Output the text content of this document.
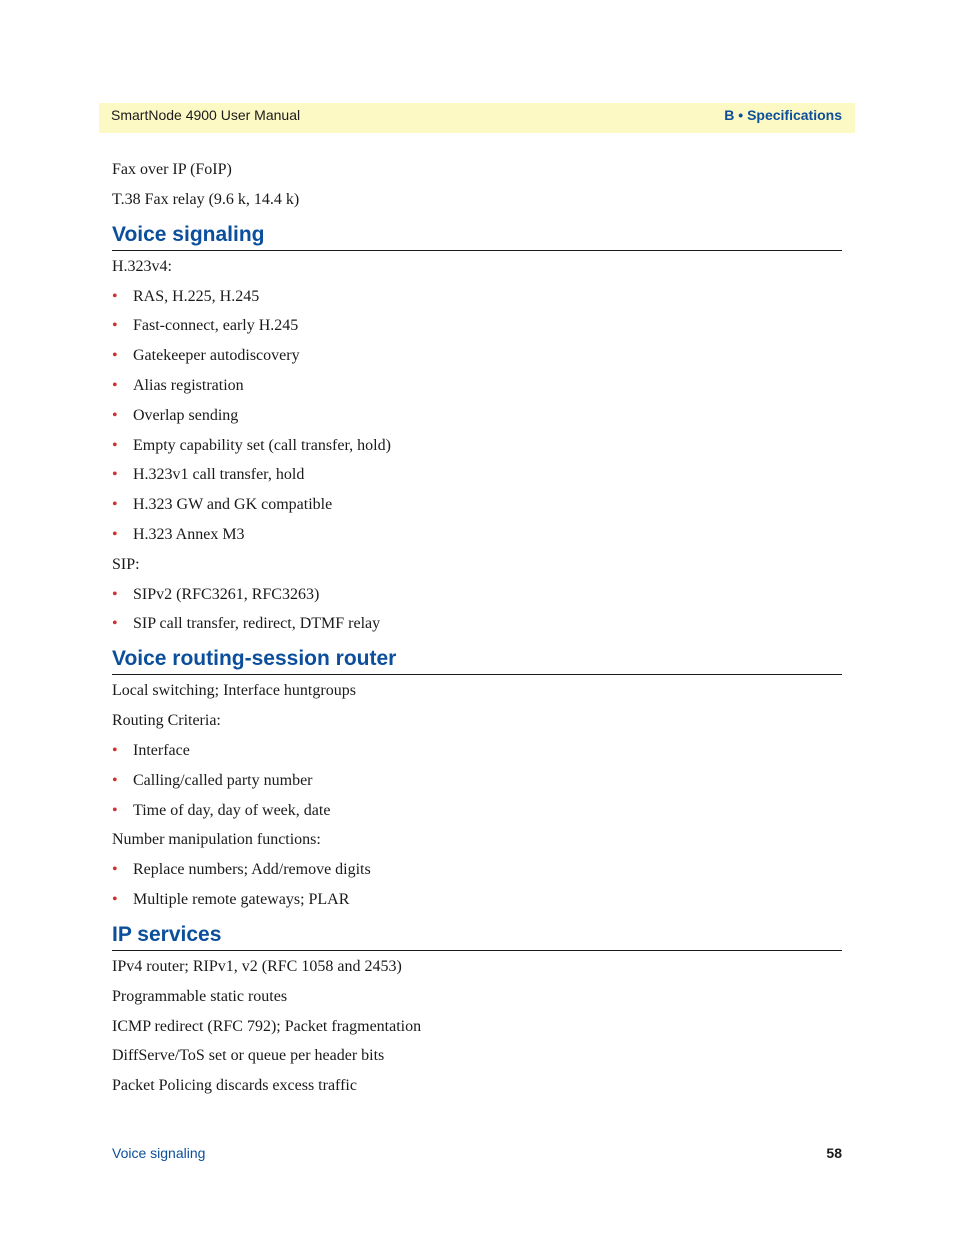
SmartNode 4900 User Manual	B • Specifications
Fax over IP (FoIP)
T.38 Fax relay (9.6 k, 14.4 k)
Voice signaling
H.323v4:
• RAS, H.225, H.245
• Fast-connect, early H.245
• Gatekeeper autodiscovery
• Alias registration
• Overlap sending
• Empty capability set (call transfer, hold)
• H.323v1 call transfer, hold
• H.323 GW and GK compatible
• H.323 Annex M3
SIP:
• SIPv2 (RFC3261, RFC3263)
• SIP call transfer, redirect, DTMF relay
Voice routing-session router
Local switching; Interface huntgroups
Routing Criteria:
• Interface
• Calling/called party number
• Time of day, day of week, date
Number manipulation functions:
• Replace numbers; Add/remove digits
• Multiple remote gateways; PLAR
IP services
IPv4 router; RIPv1, v2 (RFC 1058 and 2453)
Programmable static routes
ICMP redirect (RFC 792); Packet fragmentation
DiffServe/ToS set or queue per header bits
Packet Policing discards excess traffic
Voice signaling	58
